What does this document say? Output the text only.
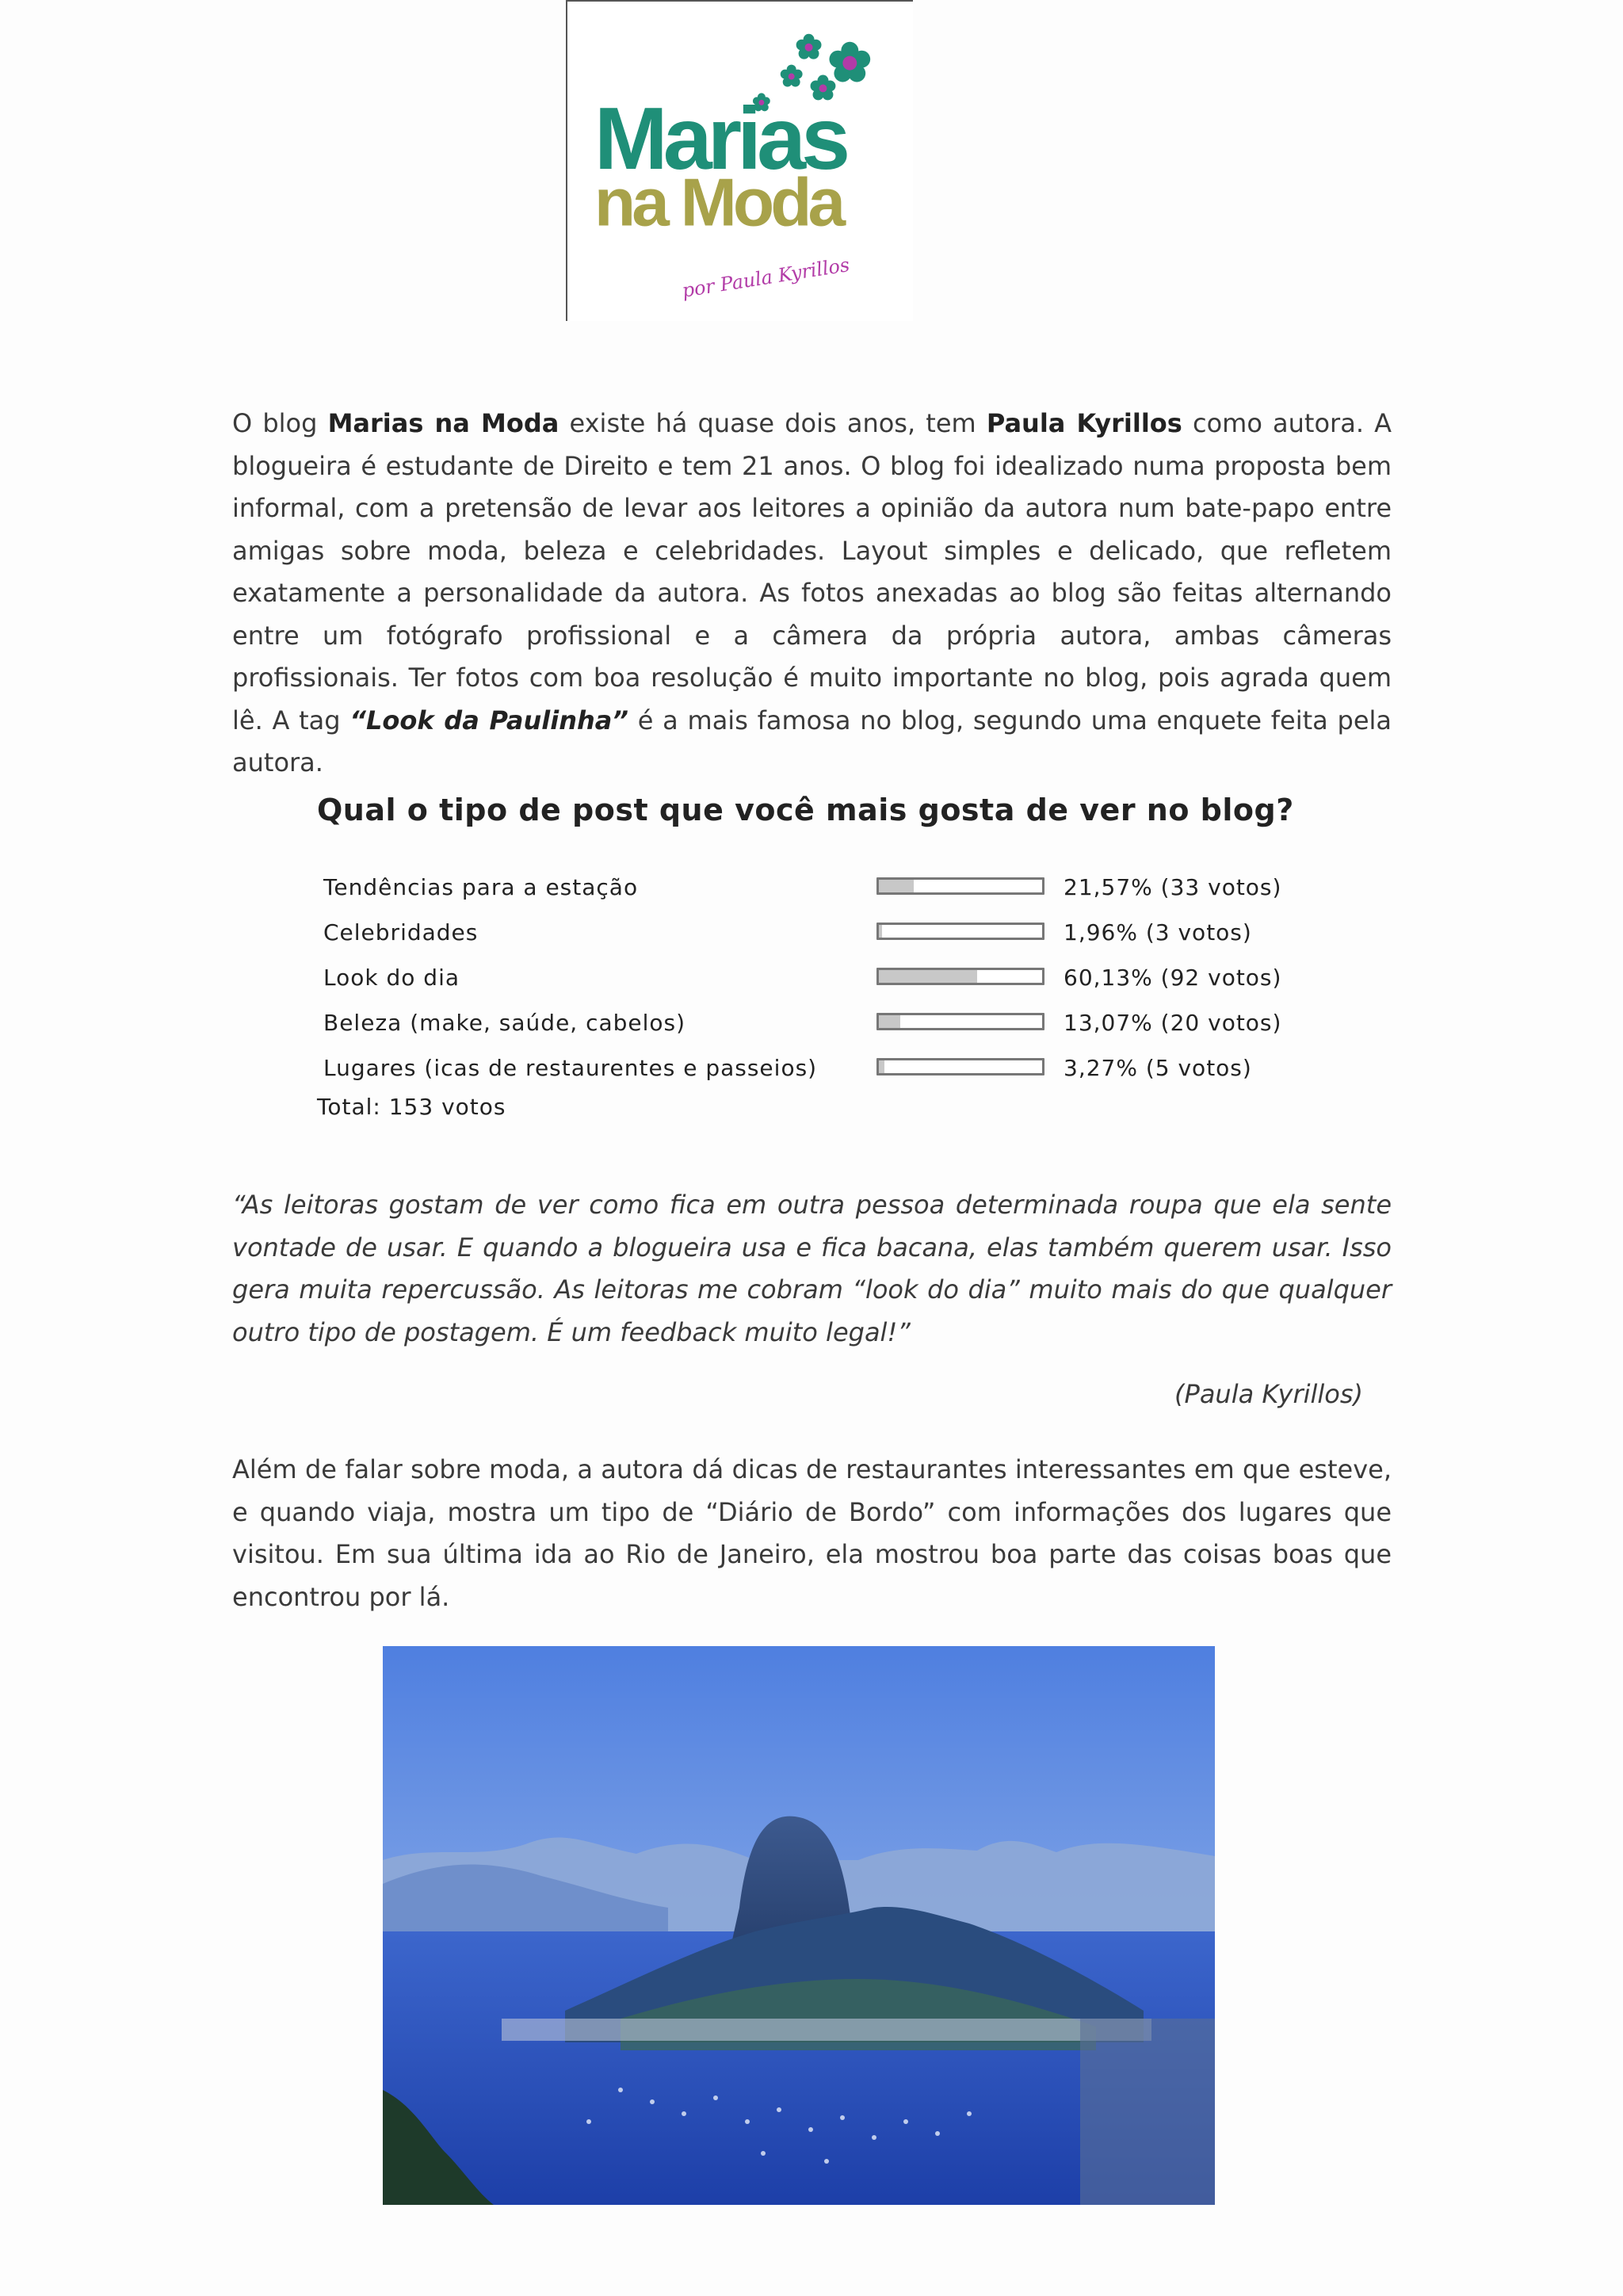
Marias
na Moda
por Paula Kyrillos
O blog Marias na Moda existe há quase dois anos, tem Paula Kyrillos como autora. A blogueira é estudante de Direito e tem 21 anos. O blog foi idealizado numa proposta bem informal, com a pretensão de levar aos leitores a opinião da autora num bate-papo entre amigas sobre moda, beleza e celebridades. Layout simples e delicado, que refletem exatamente a personalidade da autora. As fotos anexadas ao blog são feitas alternando entre um fotógrafo profissional e a câmera da própria autora, ambas câmeras profissionais. Ter fotos com boa resolução é muito importante no blog, pois agrada quem lê. A tag “Look da Paulinha” é a mais famosa no blog, segundo uma enquete feita pela autora.
Qual o tipo de post que você mais gosta de ver no blog?
Tendências para a estação	21,57% (33 votos)
Celebridades	1,96% (3 votos)
Look do dia	60,13% (92 votos)
Beleza (make, saúde, cabelos)	13,07% (20 votos)
Lugares (icas de restaurentes e passeios)	3,27% (5 votos)
Total: 153 votos
“As leitoras gostam de ver como fica em outra pessoa determinada roupa que ela sente vontade de usar. E quando a blogueira usa e fica bacana, elas também querem usar. Isso gera muita repercussão. As leitoras me cobram “look do dia” muito mais do que qualquer outro tipo de postagem. É um feedback muito legal!”
(Paula Kyrillos)
Além de falar sobre moda, a autora dá dicas de restaurantes interessantes em que esteve, e quando viaja, mostra um tipo de “Diário de Bordo” com informações dos lugares que visitou. Em sua última ida ao Rio de Janeiro, ela mostrou boa parte das coisas boas que encontrou por lá.
